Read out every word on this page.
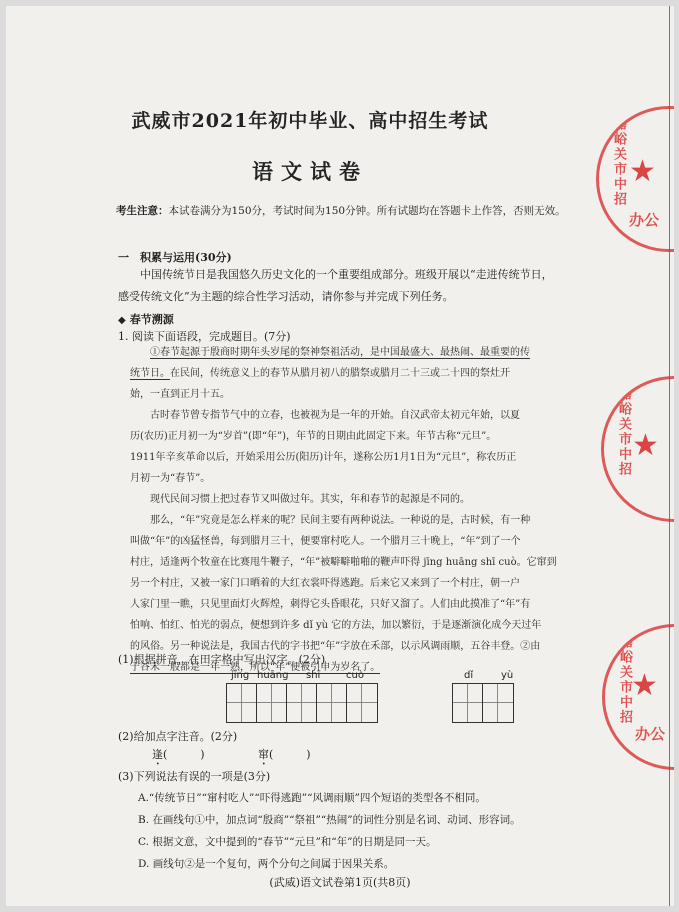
武威市2021年初中毕业、高中招生考试
语文试卷
考生注意：本试卷满分为150分，考试时间为150分钟。所有试题均在答题卡上作答，否则无效。
一　积累与运用(30分)
中国传统节日是我国悠久历史文化的一个重要组成部分。班级开展以“走进传统节日，
感受传统文化”为主题的综合性学习活动，请你参与并完成下列任务。
◆ 春节溯源
1. 阅读下面语段，完成题目。(7分)
①春节起源于殷商时期年头岁尾的祭神祭祖活动，是中国最盛大、最热闹、最重要的传
统节日。在民间，传统意义上的春节从腊月初八的腊祭或腊月二十三或二十四的祭灶开
始，一直到正月十五。
古时春节曾专指节气中的立春，也被视为是一年的开始。自汉武帝太初元年始，以夏
历(农历)正月初一为“岁首”(即“年”)，年节的日期由此固定下来。年节古称“元旦”。
1911年辛亥革命以后，开始采用公历(阳历)计年，遂称公历1月1日为“元旦”，称农历正
月初一为“春节”。
现代民间习惯上把过春节又叫做过年。其实，年和春节的起源是不同的。
那么，“年”究竟是怎么样来的呢？民间主要有两种说法。一种说的是，古时候，有一种
叫做“年”的凶猛怪兽，每到腊月三十，便要窜村吃人。一个腊月三十晚上，“年”到了一个
村庄，适逢两个牧童在比赛甩牛鞭子，“年”被噼噼啪啪的鞭声吓得 jīng huāng shī cuò。它窜到
另一个村庄，又被一家门口晒着的大红衣裳吓得逃跑。后来它又来到了一个村庄，朝一户
人家门里一瞧，只见里面灯火辉煌，刺得它头昏眼花，只好又溜了。人们由此摸准了“年”有
怕响、怕红、怕光的弱点，便想到许多 dǐ yù 它的方法，加以繁衍，于是逐渐演化成今天过年
的风俗。另一种说法是，我国古代的字书把“年”字放在禾部，以示风调雨顺，五谷丰登。②由
于谷禾一般都是一年一熟，所以“年”便被引申为岁名了。
(1)根据拼音，在田字格中写出汉字。(2分)
jīng huāng shī	cuò	dǐ	yù
(2)给加点字注音。(2分)
逢(　　　)	窜(　　　)
(3)下列说法有误的一项是(3分)
A.“传统节日”“窜村吃人”“吓得逃跑”“风调雨顺”四个短语的类型各不相同。
B. 在画线句①中，加点词“殷商”“祭祖”“热闹”的词性分别是名词、动词、形容词。
C. 根据文意，文中提到的“春节”“元旦”和“年”的日期是同一天。
D. 画线句②是一个复句，两个分句之间属于因果关系。
(武威)语文试卷第1页(共8页)
★
嘉峪关市中招
办公
★
嘉峪关市中招
★
嘉峪关市中招
办公
